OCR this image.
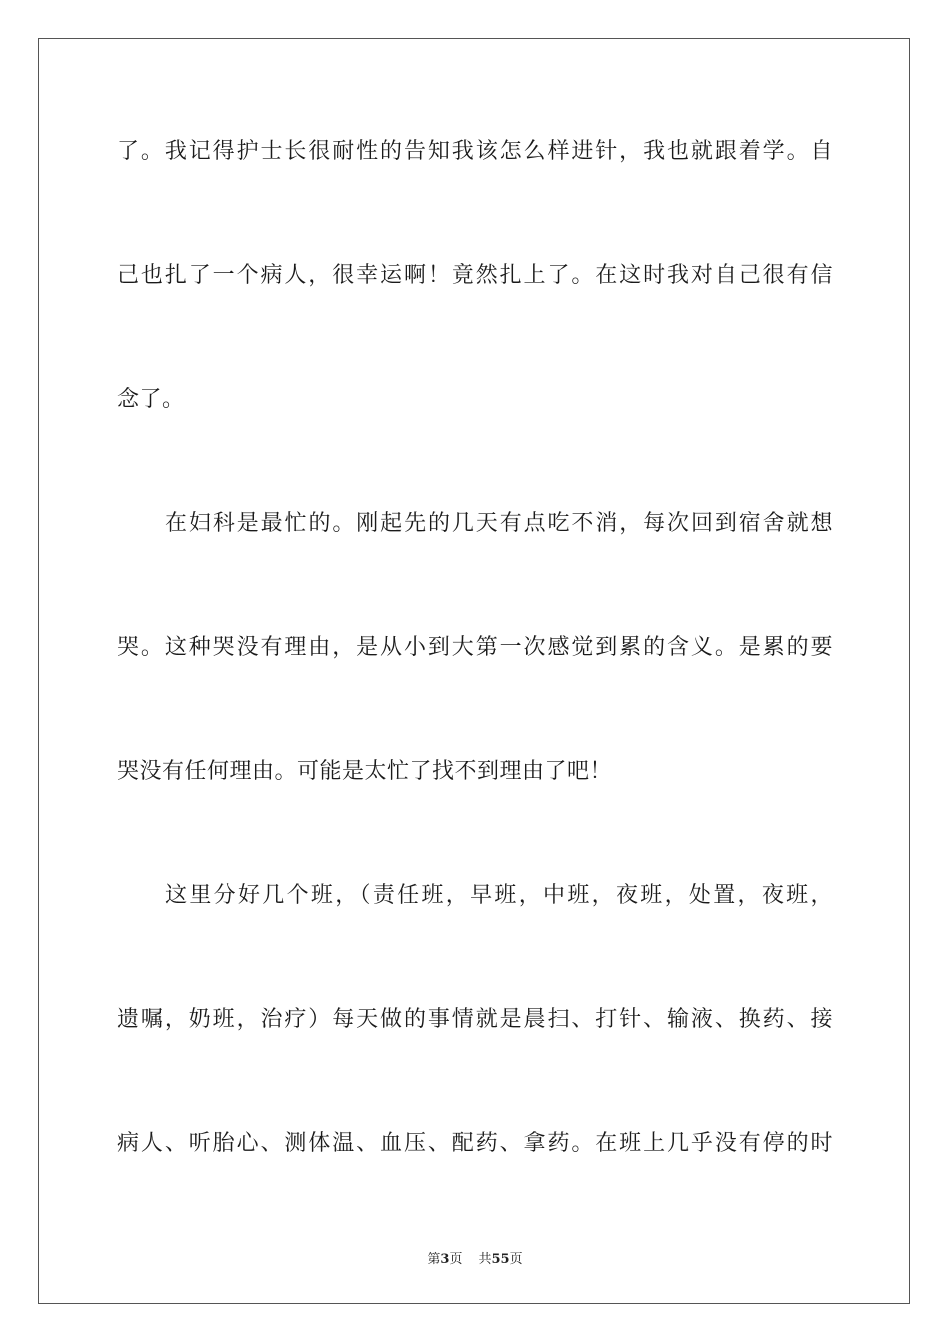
了。我记得护士长很耐性的告知我该怎么样进针，我也就跟着学。自
己也扎了一个病人，很幸运啊！竟然扎上了。在这时我对自己很有信
念了。
在妇科是最忙的。刚起先的几天有点吃不消，每次回到宿舍就想
哭。这种哭没有理由，是从小到大第一次感觉到累的含义。是累的要
哭没有任何理由。可能是太忙了找不到理由了吧！
这里分好几个班，（责任班，早班，中班，夜班，处置，夜班，
遗嘱，奶班，治疗）每天做的事情就是晨扫、打针、输液、换药、接
病人、听胎心、测体温、血压、配药、拿药。在班上几乎没有停的时
第3页 共55页
